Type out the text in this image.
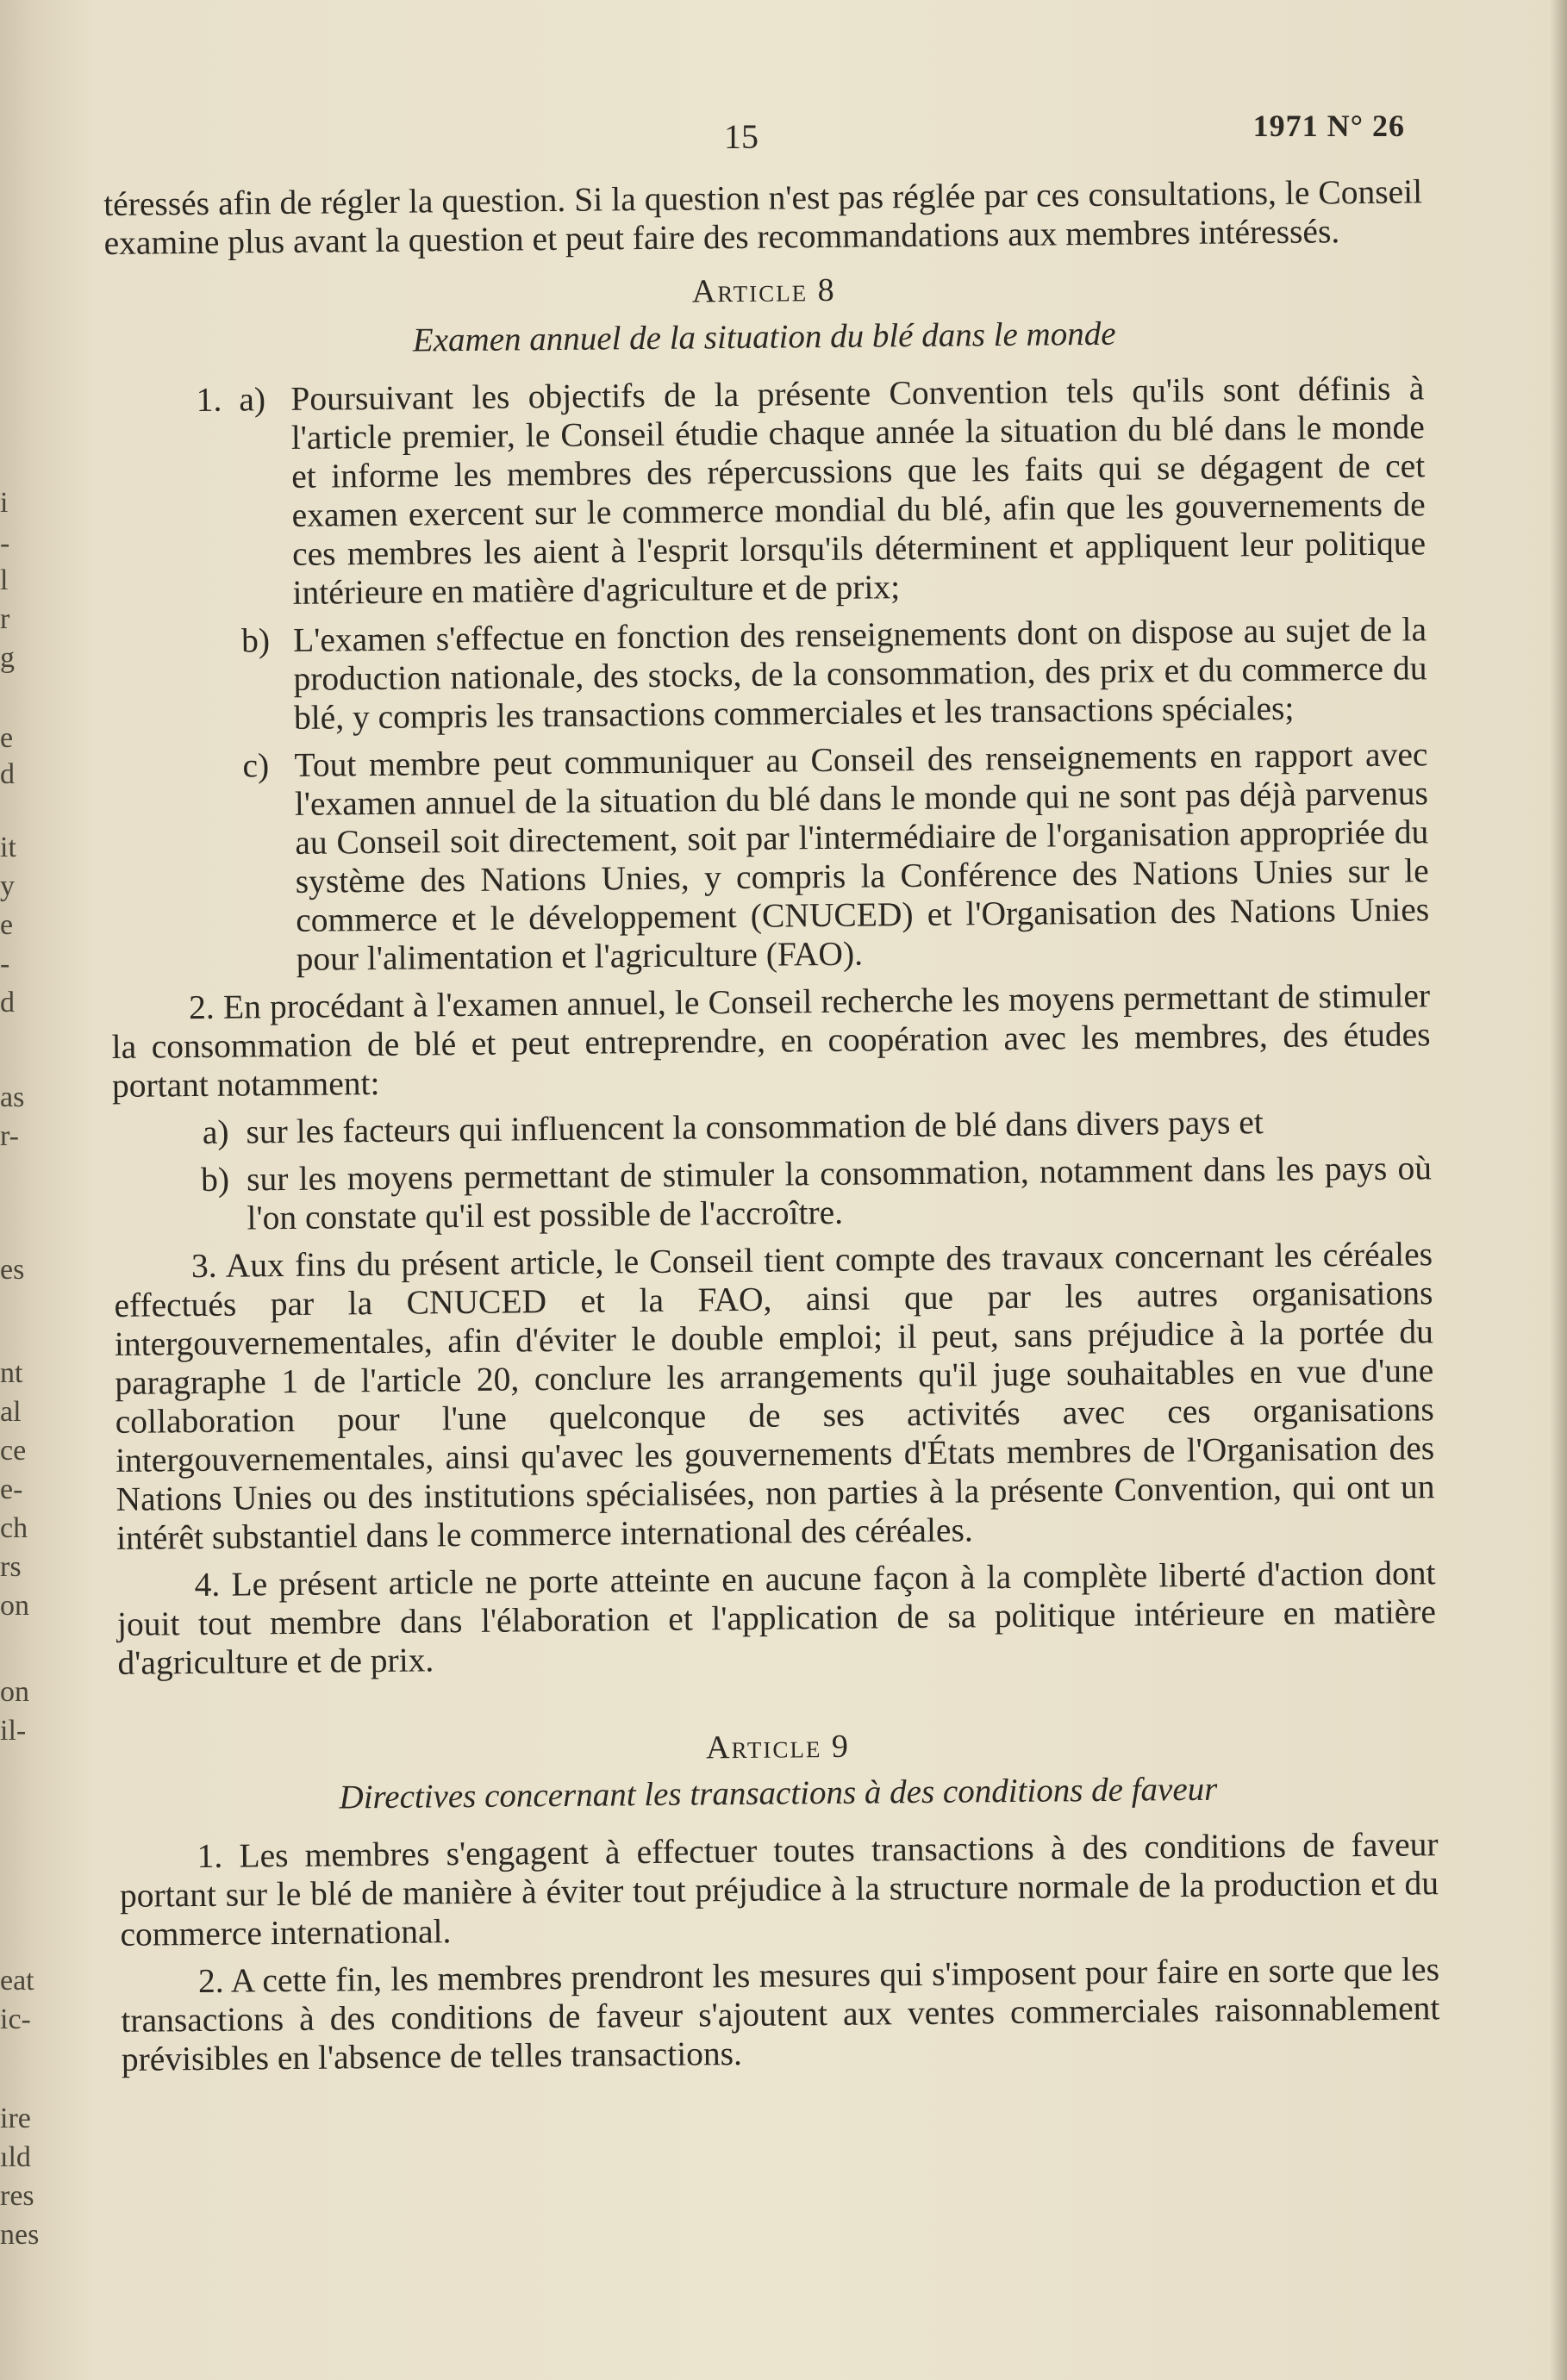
i
-
l
r
g
e
d
it
y
e
-
d
as
r-
es
nt
al
ce
e-
ch
rs
on
on
il-
eat
ic-
ire
ıld
res
nes
15	1971 N° 26

téressés afin de régler la question. Si la question n'est pas réglée par ces consultations, le Conseil examine plus avant la question et peut faire des recommandations aux membres intéressés.

Article 8
Examen annuel de la situation du blé dans le monde
1. a) Poursuivant les objectifs de la présente Convention tels qu'ils sont définis à l'article premier, le Conseil étudie chaque année la situation du blé dans le monde et informe les membres des répercussions que les faits qui se dégagent de cet examen exercent sur le commerce mondial du blé, afin que les gouvernements de ces membres les aient à l'esprit lorsqu'ils déterminent et appliquent leur politique intérieure en matière d'agriculture et de prix;
b) L'examen s'effectue en fonction des renseignements dont on dispose au sujet de la production nationale, des stocks, de la consommation, des prix et du commerce du blé, y compris les transactions commerciales et les transactions spéciales;
c) Tout membre peut communiquer au Conseil des renseignements en rapport avec l'examen annuel de la situation du blé dans le monde qui ne sont pas déjà parvenus au Conseil soit directement, soit par l'intermédiaire de l'organisation appropriée du système des Nations Unies, y compris la Conférence des Nations Unies sur le commerce et le développement (CNUCED) et l'Organisation des Nations Unies pour l'alimentation et l'agriculture (FAO).

2. En procédant à l'examen annuel, le Conseil recherche les moyens permettant de stimuler la consommation de blé et peut entreprendre, en coopération avec les membres, des études portant notamment:

a) sur les facteurs qui influencent la consommation de blé dans divers pays et
b) sur les moyens permettant de stimuler la consommation, notamment dans les pays où l'on constate qu'il est possible de l'accroître.

3. Aux fins du présent article, le Conseil tient compte des travaux concernant les céréales effectués par la CNUCED et la FAO, ainsi que par les autres organisations intergouvernementales, afin d'éviter le double emploi; il peut, sans préjudice à la portée du paragraphe 1 de l'article 20, conclure les arrangements qu'il juge souhaitables en vue d'une collaboration pour l'une quelconque de ses activités avec ces organisations intergouvernementales, ainsi qu'avec les gouvernements d'États membres de l'Organisation des Nations Unies ou des institutions spécialisées, non parties à la présente Convention, qui ont un intérêt substantiel dans le commerce international des céréales.

4. Le présent article ne porte atteinte en aucune façon à la complète liberté d'action dont jouit tout membre dans l'élaboration et l'application de sa politique intérieure en matière d'agriculture et de prix.

Article 9
Directives concernant les transactions à des conditions de faveur

1. Les membres s'engagent à effectuer toutes transactions à des conditions de faveur portant sur le blé de manière à éviter tout préjudice à la structure normale de la production et du commerce international.

2. A cette fin, les membres prendront les mesures qui s'imposent pour faire en sorte que les transactions à des conditions de faveur s'ajoutent aux ventes commerciales raisonnablement prévisibles en l'absence de telles transactions.
